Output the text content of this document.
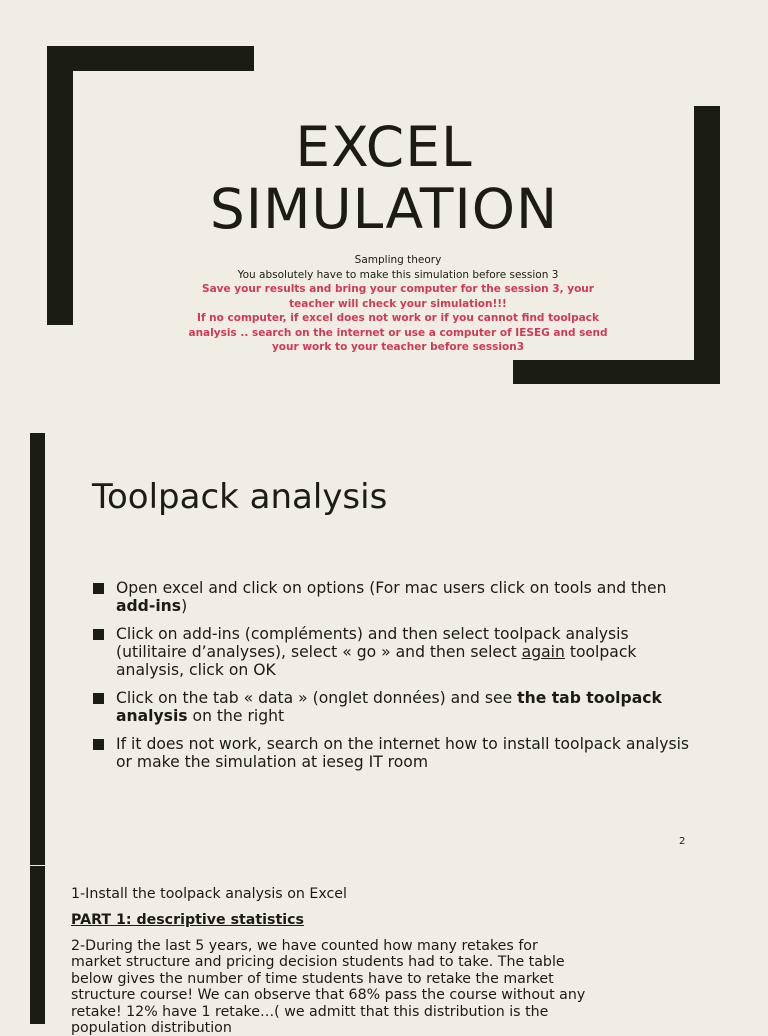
EXCEL
SIMULATION
Sampling theory
You absolutely have to make this simulation before session 3
Save your results and bring your computer for the session 3, your
teacher will check your simulation!!!
If no computer, if excel does not work or if you cannot find toolpack
analysis .. search on the internet or use a computer of IESEG and send
your work to your teacher before session3
Toolpack analysis
Open excel and click on options (For mac users click on tools and then add-ins)
Click on add-ins (compléments) and then select toolpack analysis (utilitaire d’analyses), select « go » and then select again toolpack analysis, click on OK
Click on the tab « data » (onglet données) and see the tab toolpack analysis on the right
If it does not work, search on the internet how to install toolpack analysis or make the simulation at ieseg IT room
2

1-Install the toolpack analysis on Excel

PART 1: descriptive statistics

2-During the last 5 years, we have counted how many retakes for market structure and pricing decision students had to take. The table below gives the number of time students have to retake the market structure course! We can observe that 68% pass the course without any retake! 12% have 1 retake…( we admitt that this distribution is the population distribution
